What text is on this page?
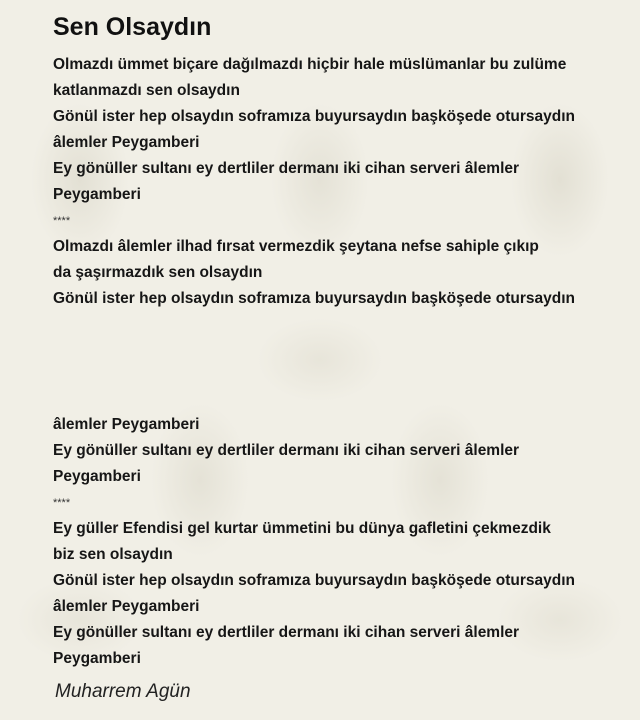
Sen Olsaydın
Olmazdı ümmet biçare dağılmazdı hiçbir hale müslümanlar bu zulüme
katlanmazdı sen olsaydın
Gönül ister hep olsaydın soframıza buyursaydın başköşede otursaydın
âlemler Peygamberi
Ey gönüller sultanı ey dertliler dermanı iki cihan serveri âlemler
Peygamberi
****
Olmazdı âlemler ilhad fırsat vermezdik şeytana nefse sahiple çıkıp
da şaşırmazdık sen olsaydın
Gönül ister hep olsaydın soframıza buyursaydın başköşede otursaydın
âlemler Peygamberi
Ey gönüller sultanı ey dertliler dermanı iki cihan serveri âlemler
Peygamberi
****
Ey güller Efendisi gel kurtar ümmetini bu dünya gafletini çekmezdik
biz sen olsaydın
Gönül ister hep olsaydın soframıza buyursaydın başköşede otursaydın
âlemler Peygamberi
Ey gönüller sultanı ey dertliler dermanı iki cihan serveri âlemler
Peygamberi
Muharrem Agün
